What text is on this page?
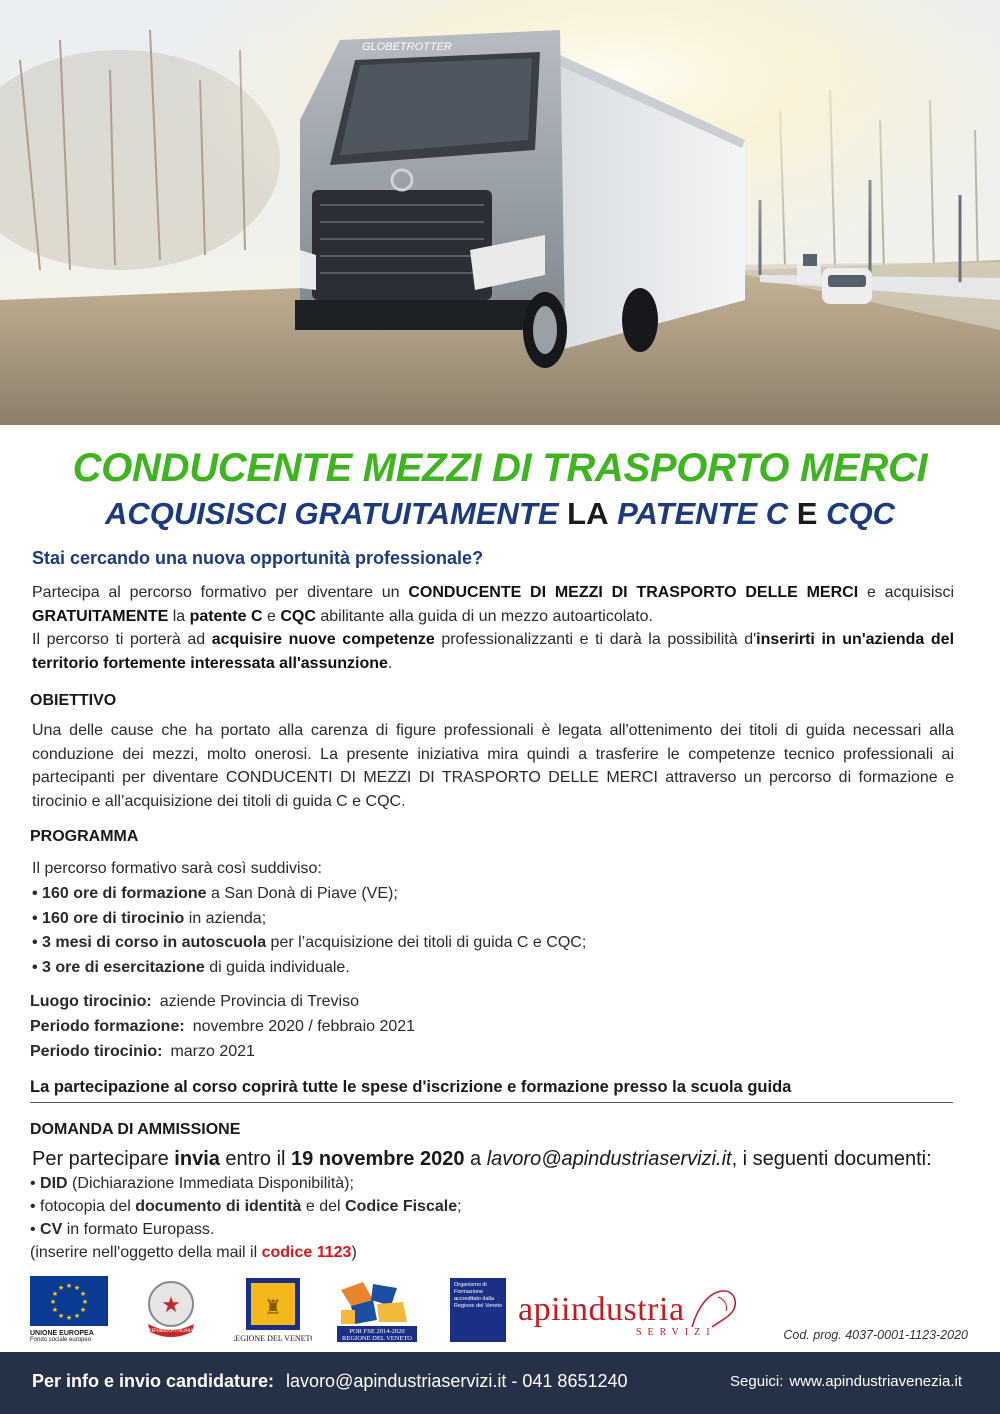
GLOBETROTTER
CONDUCENTE MEZZI DI TRASPORTO MERCI
ACQUISISCI GRATUITAMENTE LA PATENTE C E CQC
Stai cercando una nuova opportunità professionale?
Partecipa al percorso formativo per diventare un CONDUCENTE DI MEZZI DI TRASPORTO DELLE MERCI e acquisisci GRATUITAMENTE la patente C e CQC abilitante alla guida di un mezzo autoarticolato.
Il percorso ti porterà ad acquisire nuove competenze professionalizzanti e ti darà la possibilità d'inserirti in un'azienda del territorio fortemente interessata all'assunzione.
OBIETTIVO
Una delle cause che ha portato alla carenza di figure professionali è legata all'ottenimento dei titoli di guida necessari alla conduzione dei mezzi, molto onerosi. La presente iniziativa mira quindi a trasferire le competenze tecnico professionali ai partecipanti per diventare CONDUCENTI DI MEZZI DI TRASPORTO DELLE MERCI attraverso un percorso di formazione e tirocinio e all’acquisizione dei titoli di guida C e CQC.
PROGRAMMA
Il percorso formativo sarà così suddiviso:
• 160 ore di formazione a San Donà di Piave (VE);
• 160 ore di tirocinio in azienda;
• 3 mesi di corso in autoscuola per l’acquisizione dei titoli di guida C e CQC;
• 3 ore di esercitazione di guida individuale.
Luogo tirocinio: aziende Provincia di Treviso
Periodo formazione: novembre 2020 / febbraio 2021
Periodo tirocinio: marzo 2021
La partecipazione al corso coprirà tutte le spese d'iscrizione e formazione presso la scuola guida
DOMANDA DI AMMISSIONE
Per partecipare invia entro il 19 novembre 2020 a lavoro@apindustriaservizi.it, i seguenti documenti:
• DID (Dichiarazione Immediata Disponibilità);
• fotocopia del documento di identità e del Codice Fiscale;
• CV in formato Europass.
(inserire nell'oggetto della mail il codice 1123)
★ ★
★
★
★
★
★
★
★
★
★
★
UNIONE EUROPEA
Fondo sociale europeo
★
REPUBBLICA ITALIANA
♜
REGIONE DEL VENETO
POR FSE 2014-2020
REGIONE DEL VENETO
Organismo di Formazione accreditato dalla Regione del Veneto apiindustria
SERVIZI	Cod. prog. 4037-0001-1123-2020
Per info e invio candidature: lavoro@apindustriaservizi.it - 041 8651240	Seguici: www.apindustriavenezia.it
